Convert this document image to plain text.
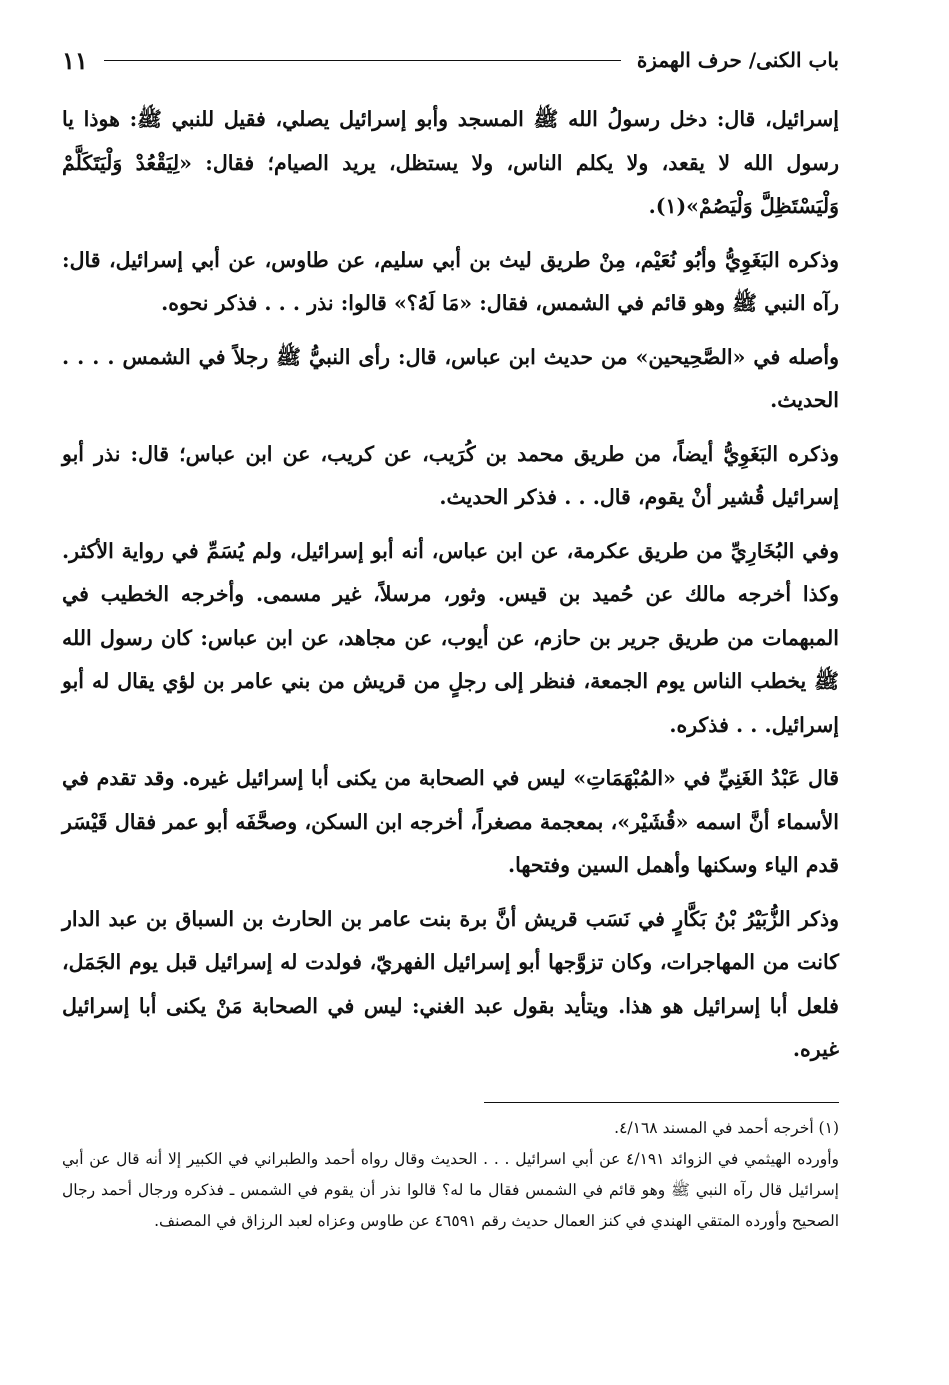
باب الكنى/ حرف الهمزة
١١

إسرائيل، قال: دخل رسولُ الله ﷺ المسجد وأبو إسرائيل يصلي، فقيل للنبي ﷺ: هوذا يا رسول الله لا يقعد، ولا يكلم الناس، ولا يستظل، يريد الصيام؛ فقال: «لِيَقْعُدْ وَلْيَتَكَلَّمْ وَلْيَسْتَظِلَّ وَلْيَصُمْ»(١).

وذكره البَغَوِيُّ وأبُو نُعَيْم، مِنْ طريق ليث بن أبي سليم، عن طاوس، عن أبي إسرائيل، قال: رآه النبي ﷺ وهو قائم في الشمس، فقال: «مَا لَهُ؟» قالوا: نذر . . . فذكر نحوه.

وأصله في «الصَّحِيحين» من حديث ابن عباس، قال: رأى النبيُّ ﷺ رجلاً في الشمس . . . . الحديث.

وذكره البَغَوِيُّ أيضاً، من طريق محمد بن كُرَيب، عن كريب، عن ابن عباس؛ قال: نذر أبو إسرائيل قُشير أنْ يقوم، قال. . . فذكر الحديث.

وفي البُخَارِيِّ من طريق عكرمة، عن ابن عباس، أنه أبو إسرائيل، ولم يُسَمِّ في رواية الأكثر. وكذا أخرجه مالك عن حُميد بن قيس. وثور، مرسلاً، غير مسمى. وأخرجه الخطيب في المبهمات من طريق جرير بن حازم، عن أيوب، عن مجاهد، عن ابن عباس: كان رسول الله ﷺ يخطب الناس يوم الجمعة، فنظر إلى رجلٍ من قريش من بني عامر بن لؤي يقال له أبو إسرائيل. . . فذكره.

قال عَبْدُ الغَنِيِّ في «المُبْهَمَاتِ» ليس في الصحابة من يكنى أبا إسرائيل غيره. وقد تقدم في الأسماء أنَّ اسمه «قُشَيْر»، بمعجمة مصغراً، أخرجه ابن السكن، وصحَّفَه أبو عمر فقال قَيْسَر قدم الياء وسكنها وأهمل السين وفتحها.

وذكر الزُّبَيْرُ بْنُ بَكَّارٍ في نَسَب قريش أنَّ برة بنت عامر بن الحارث بن السباق بن عبد الدار كانت من المهاجرات، وكان تزوَّجها أبو إسرائيل الفهريّ، فولدت له إسرائيل قبل يوم الجَمَل، فلعل أبا إسرائيل هو هذا. ويتأيد بقول عبد الغني: ليس في الصحابة مَنْ يكنى أبا إسرائيل غيره.

(١) أخرجه أحمد في المسند ٤/١٦٨.

وأورده الهيثمي في الزوائد ٤/١٩١ عن أبي اسرائيل . . . الحديث وقال رواه أحمد والطبراني في الكبير إلا أنه قال عن أبي إسرائيل قال رآه النبي ﷺ وهو قائم في الشمس فقال ما له؟ قالوا نذر أن يقوم في الشمس ـ فذكره ورجال أحمد رجال الصحيح وأورده المتقي الهندي في كنز العمال حديث رقم ٤٦٥٩١ عن طاوس وعزاه لعبد الرزاق في المصنف.
